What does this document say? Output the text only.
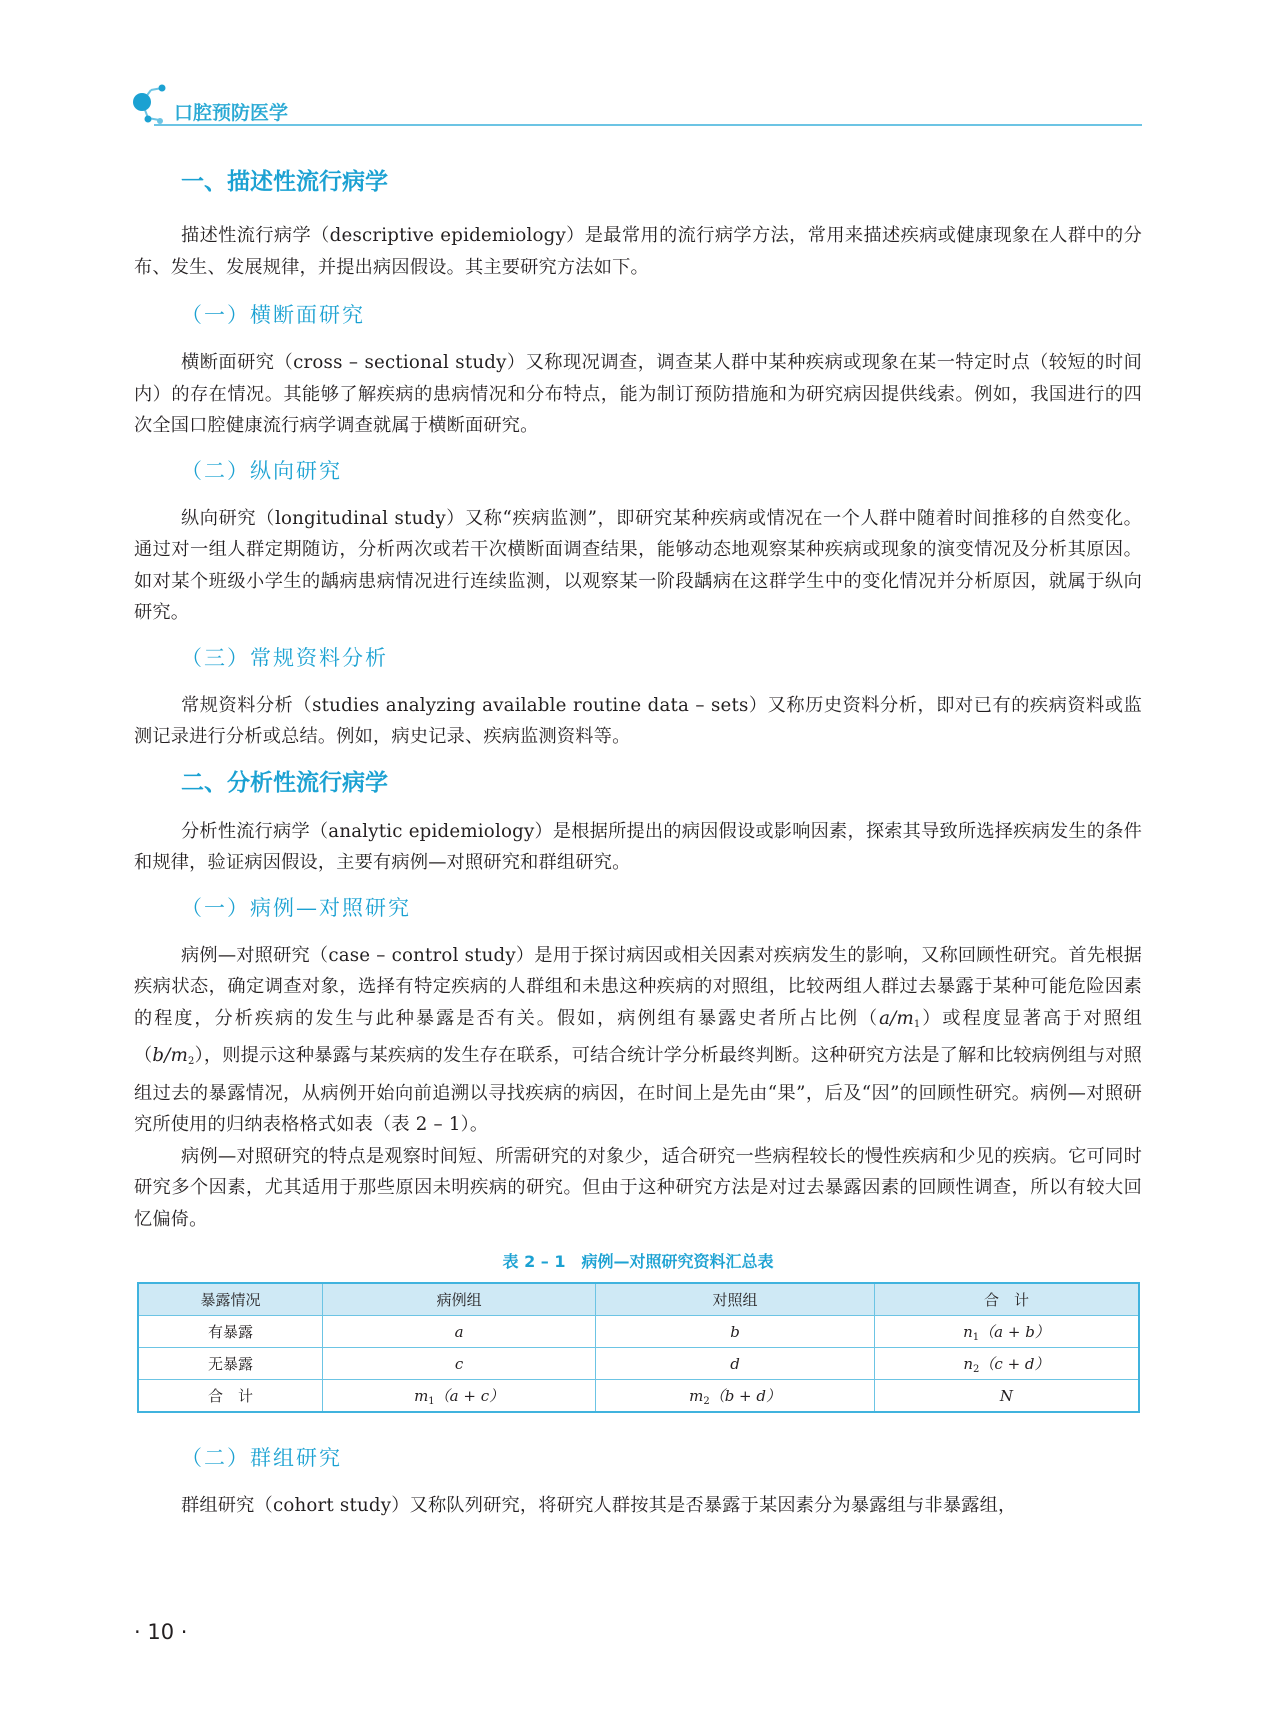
口腔预防医学
一、描述性流行病学

描述性流行病学（descriptive epidemiology）是最常用的流行病学方法，常用来描述疾病或健康现象在人群中的分布、发生、发展规律，并提出病因假设。其主要研究方法如下。

（一）横断面研究

横断面研究（cross – sectional study）又称现况调查，调查某人群中某种疾病或现象在某一特定时点（较短的时间内）的存在情况。其能够了解疾病的患病情况和分布特点，能为制订预防措施和为研究病因提供线索。例如，我国进行的四次全国口腔健康流行病学调查就属于横断面研究。

（二）纵向研究

纵向研究（longitudinal study）又称“疾病监测”，即研究某种疾病或情况在一个人群中随着时间推移的自然变化。通过对一组人群定期随访，分析两次或若干次横断面调查结果，能够动态地观察某种疾病或现象的演变情况及分析其原因。如对某个班级小学生的龋病患病情况进行连续监测，以观察某一阶段龋病在这群学生中的变化情况并分析原因，就属于纵向研究。

（三）常规资料分析

常规资料分析（studies analyzing available routine data – sets）又称历史资料分析，即对已有的疾病资料或监测记录进行分析或总结。例如，病史记录、疾病监测资料等。

二、分析性流行病学

分析性流行病学（analytic epidemiology）是根据所提出的病因假设或影响因素，探索其导致所选择疾病发生的条件和规律，验证病因假设，主要有病例—对照研究和群组研究。

（一）病例—对照研究

病例—对照研究（case – control study）是用于探讨病因或相关因素对疾病发生的影响，又称回顾性研究。首先根据疾病状态，确定调查对象，选择有特定疾病的人群组和未患这种疾病的对照组，比较两组人群过去暴露于某种可能危险因素的程度，分析疾病的发生与此种暴露是否有关。假如，病例组有暴露史者所占比例$(a/m_1)$或程度显著高于对照组$(b/m_2)$，则提示这种暴露与某疾病的发生存在联系，可结合统计学分析最终判断。这种研究方法是了解和比较病例组与对照组过去的暴露情况，从病例开始向前追溯以寻找疾病的病因，在时间上是先由“果”，后及“因”的回顾性研究。病例—对照研究所使用的归纳表格格式如表（表 2 – 1）。

病例—对照研究的特点是观察时间短、所需研究的对象少，适合研究一些病程较长的慢性疾病和少见的疾病。它可同时研究多个因素，尤其适用于那些原因未明疾病的研究。但由于这种研究方法是对过去暴露因素的回顾性调查，所以有较大回忆偏倚。

表 2 – 1　病例—对照研究资料汇总表
暴露情况	病例组	对照组	合　计
有暴露	a	b	$n_1(a + b)$
无暴露	c	d	$n_2(c + d)$
合　计	$m_1(a + c)$	$m_2(b + d)$	N
（二）群组研究

群组研究（cohort study）又称队列研究，将研究人群按其是否暴露于某因素分为暴露组与非暴露组，

· 10 ·
